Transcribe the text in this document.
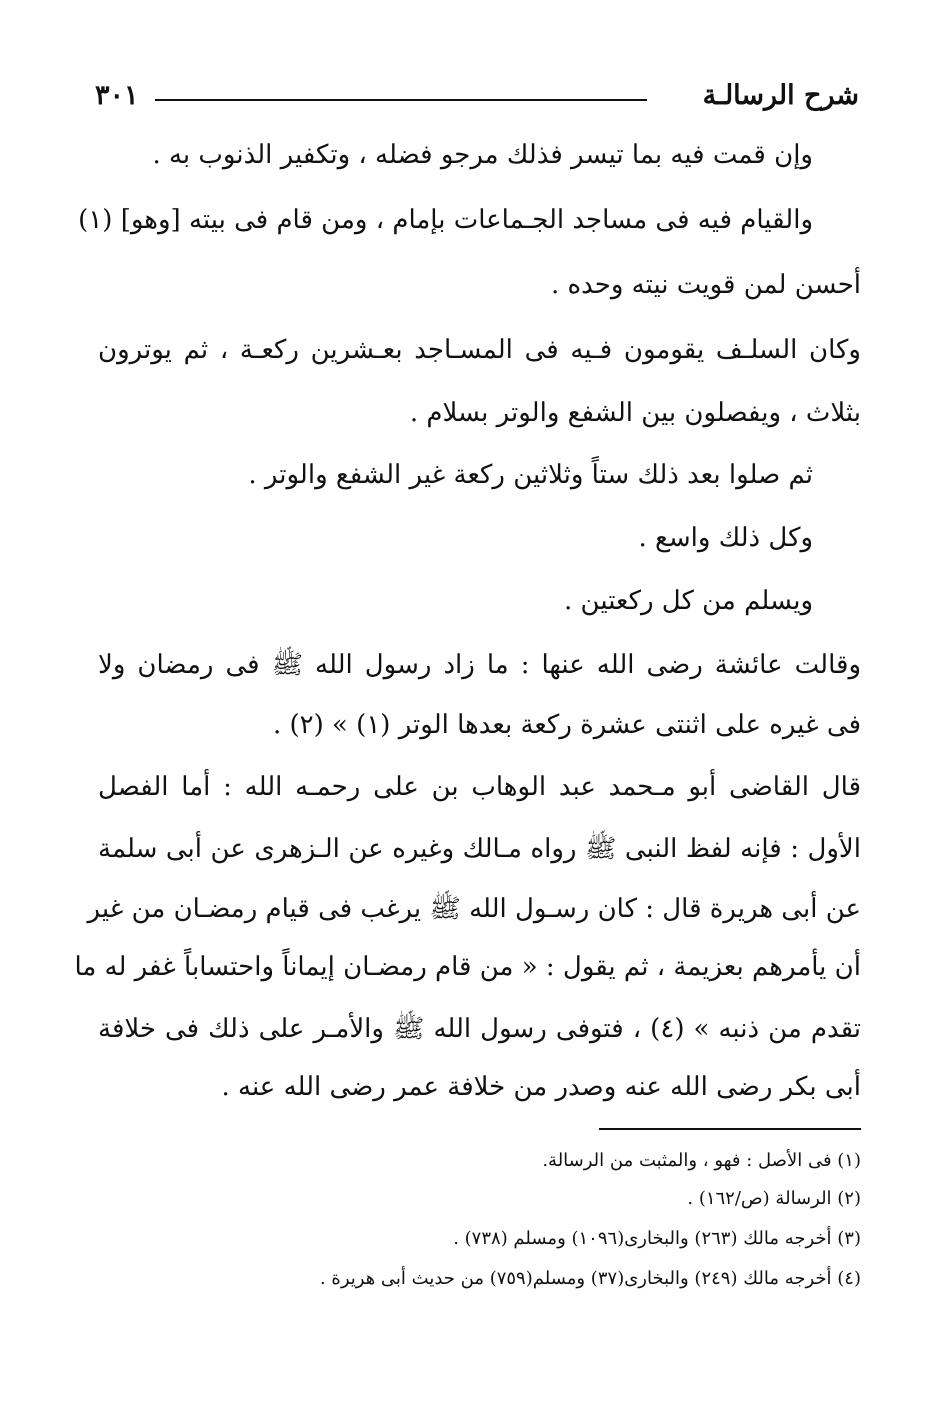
شرح الرسالـة
٣٠١
وإن قمت فيه بما تيسر فذلك مرجو فضله ، وتكفير الذنوب به .
والقيام فيه فى مساجد الجـماعات بإمام ، ومن قام فى بيته [وهو] (١)
أحسن لمن قويت نيته وحده .
وكان السلـف يقومون فـيه فى المسـاجد بعـشرين ركعـة ، ثم يوترون
بثلاث ، ويفصلون بين الشفع والوتر بسلام .
ثم صلوا بعد ذلك ستاً وثلاثين ركعة غير الشفع والوتر .
وكل ذلك واسع .
ويسلم من كل ركعتين .
وقالت عائشة رضى الله عنها : ما زاد رسول الله ﷺ فى رمضان ولا
فى غيره على اثنتى عشرة ركعة بعدها الوتر (١) » (٢) .
قال القاضى أبو مـحمد عبد الوهاب بن على رحمـه الله : أما الفصل
الأول : فإنه لفظ النبى ﷺ رواه مـالك وغيره عن الـزهرى عن أبى سلمة
عن أبى هريرة قال : كان رسـول الله ﷺ يرغب فى قيام رمضـان من غير
أن يأمرهم بعزيمة ، ثم يقول : « من قام رمضـان إيماناً واحتساباً غفر له ما
تقدم من ذنبه » (٤) ، فتوفى رسول الله ﷺ والأمـر على ذلك فى خلافة
أبى بكر رضى الله عنه وصدر من خلافة عمر رضى الله عنه .
(١) فى الأصل : فهو ، والمثبت من الرسالة.
(٢) الرسالة (ص/١٦٢) .
(٣) أخرجه مالك (٢٦٣) والبخارى(١٠٩٦) ومسلم (٧٣٨) .
(٤) أخرجه مالك (٢٤٩) والبخارى(٣٧) ومسلم(٧٥٩) من حديث أبى هريرة .
